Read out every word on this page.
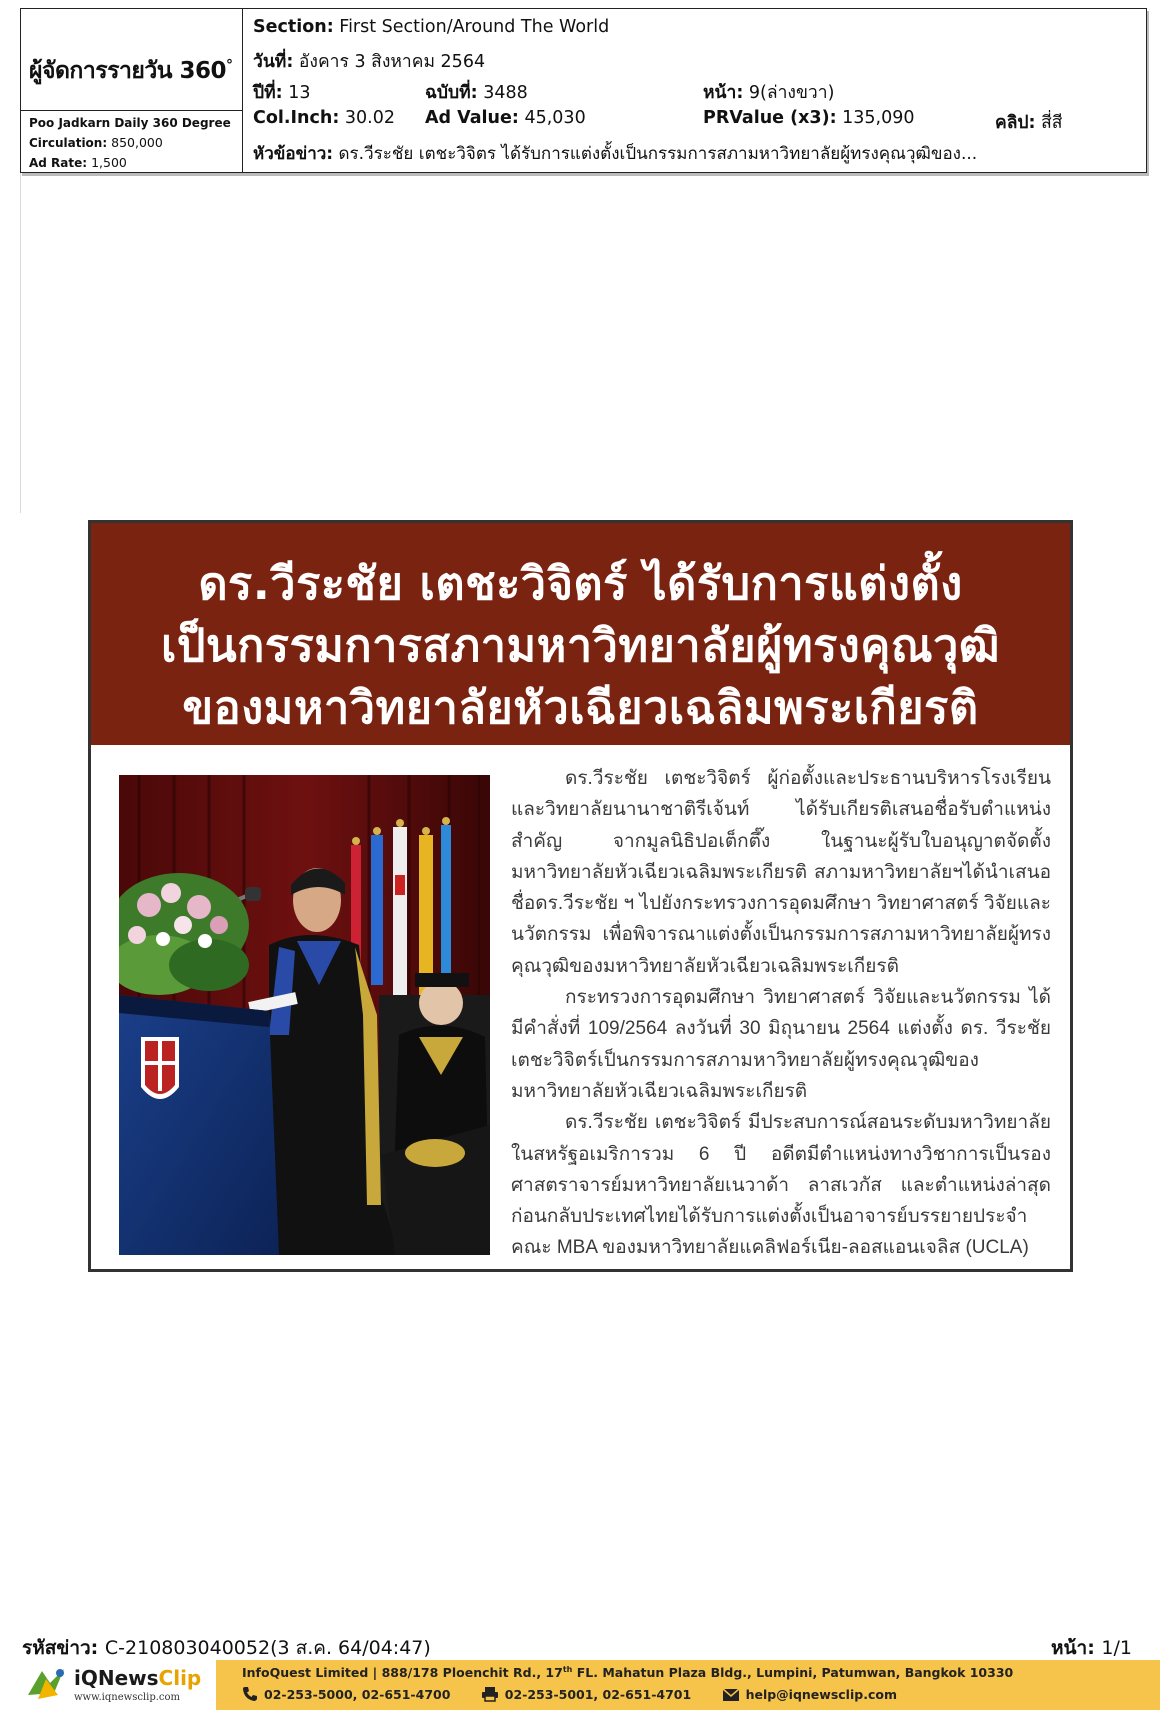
ผู้จัดการรายวัน 360°
Poo Jadkarn Daily 360 Degree
Circulation: 850,000
Ad Rate: 1,500
Section: First Section/Around The World
วันที่: อังคาร 3 สิงหาคม 2564
ปีที่: 13	ฉบับที่: 3488	หน้า: 9(ล่างขวา)
Col.Inch: 30.02 Ad Value: 45,030	PRValue (x3): 135,090	คลิป: สี่สี
หัวข้อข่าว: ดร.วีระชัย เตชะวิจิตร ได้รับการแต่งตั้งเป็นกรรมการสภามหาวิทยาลัยผู้ทรงคุณวุฒิของ...
ดร.วีระชัย เตชะวิจิตร์ ได้รับการแต่งตั้ง
เป็นกรรมการสภามหาวิทยาลัยผู้ทรงคุณวุฒิ
ของมหาวิทยาลัยหัวเฉียวเฉลิมพระเกียรติ

ดร.วีระชัย เตชะวิจิตร์ ผู้ก่อตั้งและประธานบริหารโรงเรียนและวิทยาลัยนานาชาติรีเจ้นท์ ได้รับเกียรติเสนอชื่อรับตำแหน่งสำคัญ จากมูลนิธิปอเต็กตึ๊ง ในฐานะผู้รับใบอนุญาตจัดตั้งมหาวิทยาลัยหัวเฉียวเฉลิมพระเกียรติ สภามหาวิทยาลัยฯได้นำเสนอชื่อดร.วีระชัย ฯ ไปยังกระทรวงการอุดมศึกษา วิทยาศาสตร์ วิจัยและนวัตกรรม เพื่อพิจารณาแต่งตั้งเป็นกรรมการสภามหาวิทยาลัยผู้ทรงคุณวุฒิของมหาวิทยาลัยหัวเฉียวเฉลิมพระเกียรติ

กระทรวงการอุดมศึกษา วิทยาศาสตร์ วิจัยและนวัตกรรม ได้มีคำสั่งที่ 109/2564 ลงวันที่ 30 มิถุนายน 2564 แต่งตั้ง ดร. วีระชัย เตชะวิจิตร์เป็นกรรมการสภามหาวิทยาลัยผู้ทรงคุณวุฒิของมหาวิทยาลัยหัวเฉียวเฉลิมพระเกียรติ

ดร.วีระชัย เตชะวิจิตร์ มีประสบการณ์สอนระดับมหาวิทยาลัยในสหรัฐอเมริการวม 6 ปี อดีตมีตำแหน่งทางวิชาการเป็นรองศาสตราจารย์มหาวิทยาลัยเนวาด้า ลาสเวกัส และตำแหน่งล่าสุดก่อนกลับประเทศไทยได้รับการแต่งตั้งเป็นอาจารย์บรรยายประจำคณะ MBA ของมหาวิทยาลัยแคลิฟอร์เนีย-ลอสแอนเจลิส (UCLA)

รหัสข่าว: C-210803040052(3 ส.ค. 64/04:47)	หน้า: 1/1
iQNewsClip
www.iqnewsclip.com
InfoQuest Limited | 888/178 Ploenchit Rd., 17th FL. Mahatun Plaza Bldg., Lumpini, Patumwan, Bangkok 10330
02-253-5000, 02-651-4700	02-253-5001, 02-651-4701	help@iqnewsclip.com
